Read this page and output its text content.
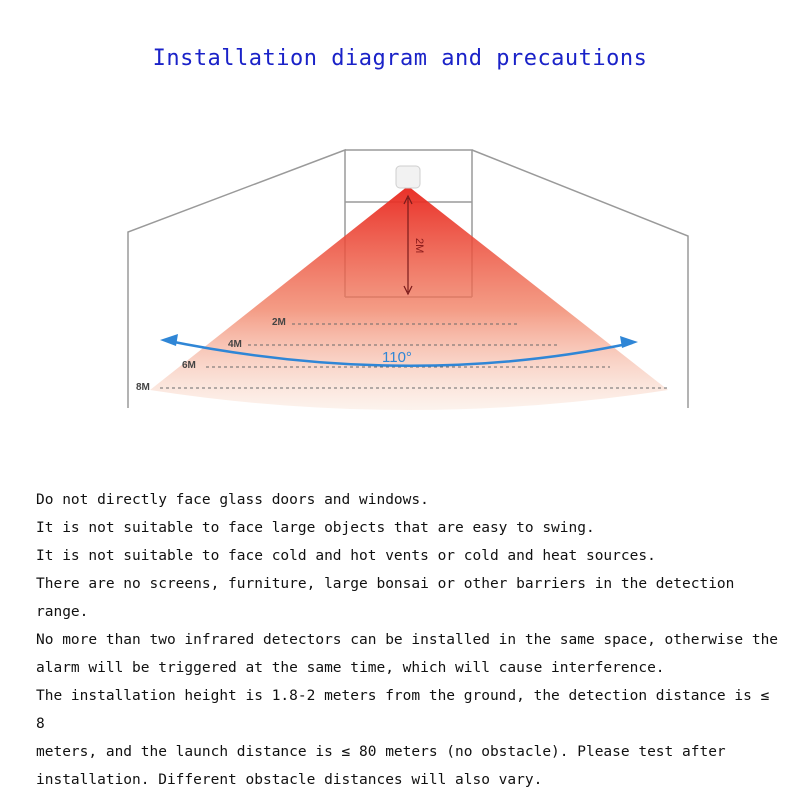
Installation diagram and precautions
2M
2M
4M
6M
8M
110°

Do not directly face glass doors and windows.

It is not suitable to face large objects that are easy to swing.

It is not suitable to face cold and hot vents or cold and heat sources.

There are no screens, furniture, large bonsai or other barriers in the detection range.

No more than two infrared detectors can be installed in the same space, otherwise the

alarm will be triggered at the same time, which will cause interference.

The installation height is 1.8-2 meters from the ground, the detection distance is ≤ 8

meters, and the launch distance is ≤ 80 meters (no obstacle). Please test after

installation. Different obstacle distances will also vary.
